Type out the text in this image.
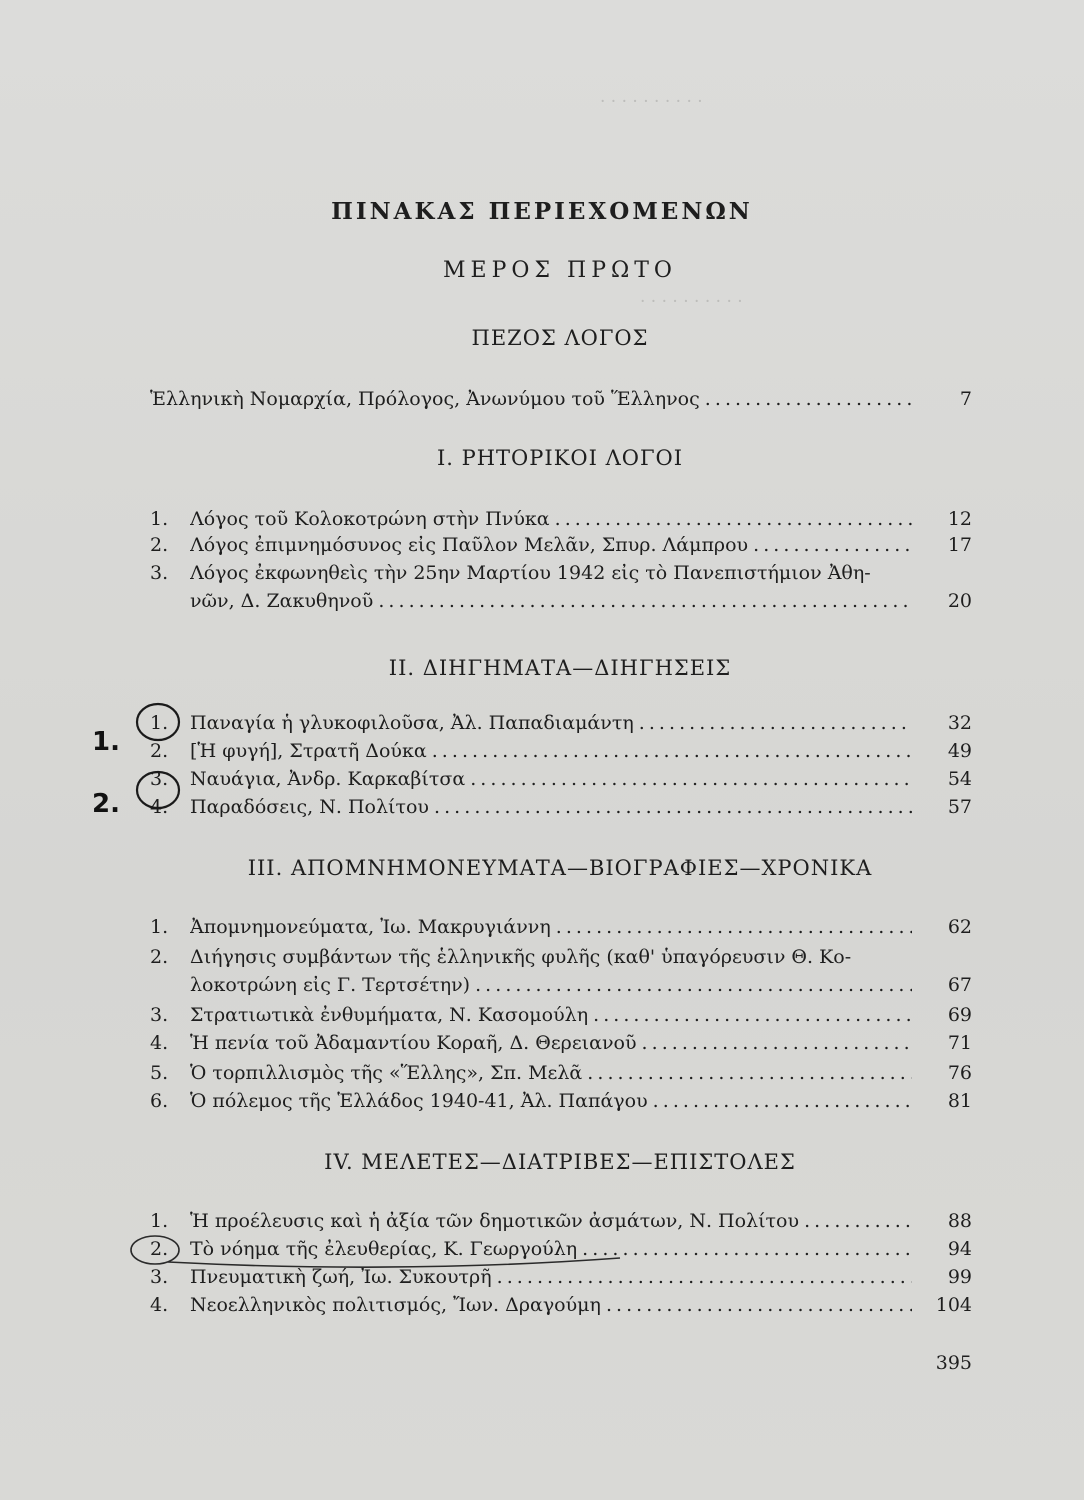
· · · · · · · · · ·
· · · · · · · · · ·
ΠΙΝΑΚΑΣ ΠΕΡΙΕΧΟΜΕΝΩΝ
ΜΕΡΟΣ ΠΡΩΤΟ
ΠΕΖΟΣ ΛΟΓΟΣ
Ἑλληνικὴ Νομαρχία, Πρόλογος, Ἀνωνύμου τοῦ Ἕλληνος . . .	7
I. ΡΗΤΟΡΙΚΟΙ ΛΟΓΟΙ
1.	Λόγος τοῦ Κολοκοτρώνη στὴν Πνύκα . . .	12
2.	Λόγος ἐπιμνημόσυνος εἰς Παῦλον Μελᾶν, Σπυρ. Λάμπρου . . .	17
3.	Λόγος ἐκφωνηθεὶς τὴν 25ην Μαρτίου 1942 εἰς τὸ Πανεπιστήμιον Ἀθη-
νῶν, Δ. Ζακυθηνοῦ . . .	20
II. ΔΙΗΓΗΜΑΤΑ—ΔΙΗΓΗΣΕΙΣ
1.	Παναγία ἡ γλυκοφιλοῦσα, Ἀλ. Παπαδιαμάντη . . .	32
2.	[Ἡ φυγή], Στρατῆ Δούκα . . .	49
3.	Ναυάγια, Ἀνδρ. Καρκαβίτσα . . .	54
4.	Παραδόσεις, Ν. Πολίτου . . .	57
III. ΑΠΟΜΝΗΜΟΝΕΥΜΑΤΑ—ΒΙΟΓΡΑΦΙΕΣ—ΧΡΟΝΙΚΑ
1.	Ἀπομνημονεύματα, Ἰω. Μακρυγιάννη . . .	62
2.	Διήγησις συμβάντων τῆς ἑλληνικῆς φυλῆς (καθ' ὑπαγόρευσιν Θ. Κο-
λοκοτρώνη εἰς Γ. Τερτσέτην) . . .	67
3.	Στρατιωτικὰ ἐνθυμήματα, Ν. Κασομούλη . . .	69
4.	Ἡ πενία τοῦ Ἀδαμαντίου Κοραῆ, Δ. Θερειανοῦ . . .	71
5.	Ὁ τορπιλλισμὸς τῆς «Ἕλλης», Σπ. Μελᾶ . . .	76
6.	Ὁ πόλεμος τῆς Ἑλλάδος 1940-41, Ἀλ. Παπάγου . . .	81
IV. ΜΕΛΕΤΕΣ—ΔΙΑΤΡΙΒΕΣ—ΕΠΙΣΤΟΛΕΣ
1.	Ἡ προέλευσις καὶ ἡ ἀξία τῶν δημοτικῶν ἀσμάτων, Ν. Πολίτου . . .	88
2.	Τὸ νόημα τῆς ἐλευθερίας, Κ. Γεωργούλη . . .	94
3.	Πνευματικὴ ζωή, Ἰω. Συκουτρῆ . . .	99
4.	Νεοελληνικὸς πολιτισμός, Ἴων. Δραγούμη . . .	104
395
1.
2.
